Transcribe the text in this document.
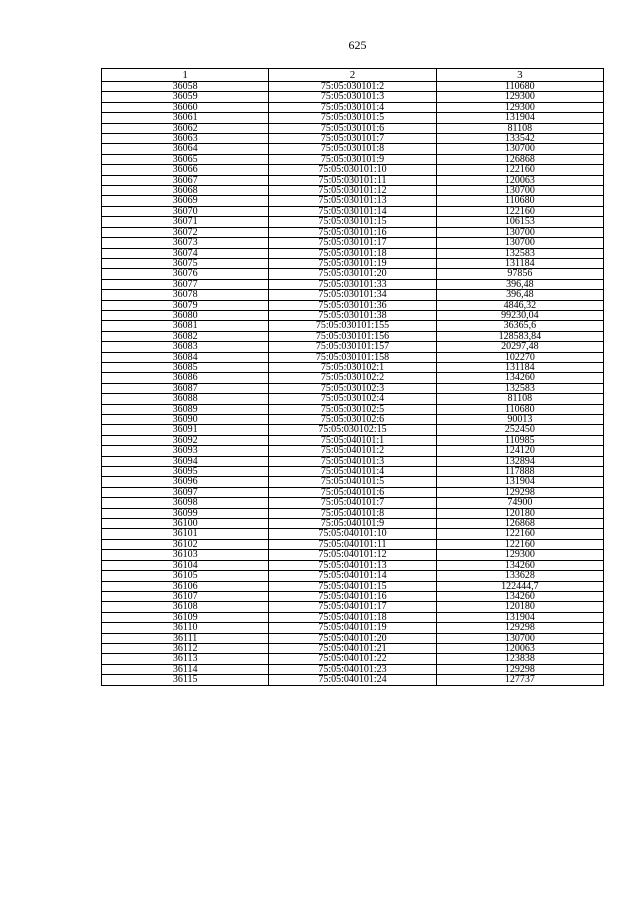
625
1	2	3
36058	75:05:030101:2	110680
36059	75:05:030101:3	129300
36060	75:05:030101:4	129300
36061	75:05:030101:5	131904
36062	75:05:030101:6	81108
36063	75:05:030101:7	133542
36064	75:05:030101:8	130700
36065	75:05:030101:9	126868
36066	75:05:030101:10	122160
36067	75:05:030101:11	120063
36068	75:05:030101:12	130700
36069	75:05:030101:13	110680
36070	75:05:030101:14	122160
36071	75:05:030101:15	106153
36072	75:05:030101:16	130700
36073	75:05:030101:17	130700
36074	75:05:030101:18	132583
36075	75:05:030101:19	131184
36076	75:05:030101:20	97856
36077	75:05:030101:33	396,48
36078	75:05:030101:34	396,48
36079	75:05:030101:36	4846,32
36080	75:05:030101:38	99230,04
36081	75:05:030101:155	36365,6
36082	75:05:030101:156	128583,84
36083	75:05:030101:157	20297,48
36084	75:05:030101:158	102270
36085	75:05:030102:1	131184
36086	75:05:030102:2	134260
36087	75:05:030102:3	132583
36088	75:05:030102:4	81108
36089	75:05:030102:5	110680
36090	75:05:030102:6	90013
36091	75:05:030102:15	252450
36092	75:05:040101:1	110985
36093	75:05:040101:2	124120
36094	75:05:040101:3	132894
36095	75:05:040101:4	117888
36096	75:05:040101:5	131904
36097	75:05:040101:6	129298
36098	75:05:040101:7	74900
36099	75:05:040101:8	120180
36100	75:05:040101:9	126868
36101	75:05:040101:10	122160
36102	75:05:040101:11	122160
36103	75:05:040101:12	129300
36104	75:05:040101:13	134260
36105	75:05:040101:14	133628
36106	75:05:040101:15	122444,7
36107	75:05:040101:16	134260
36108	75:05:040101:17	120180
36109	75:05:040101:18	131904
36110	75:05:040101:19	129298
36111	75:05:040101:20	130700
36112	75:05:040101:21	120063
36113	75:05:040101:22	123838
36114	75:05:040101:23	129298
36115	75:05:040101:24	127737
